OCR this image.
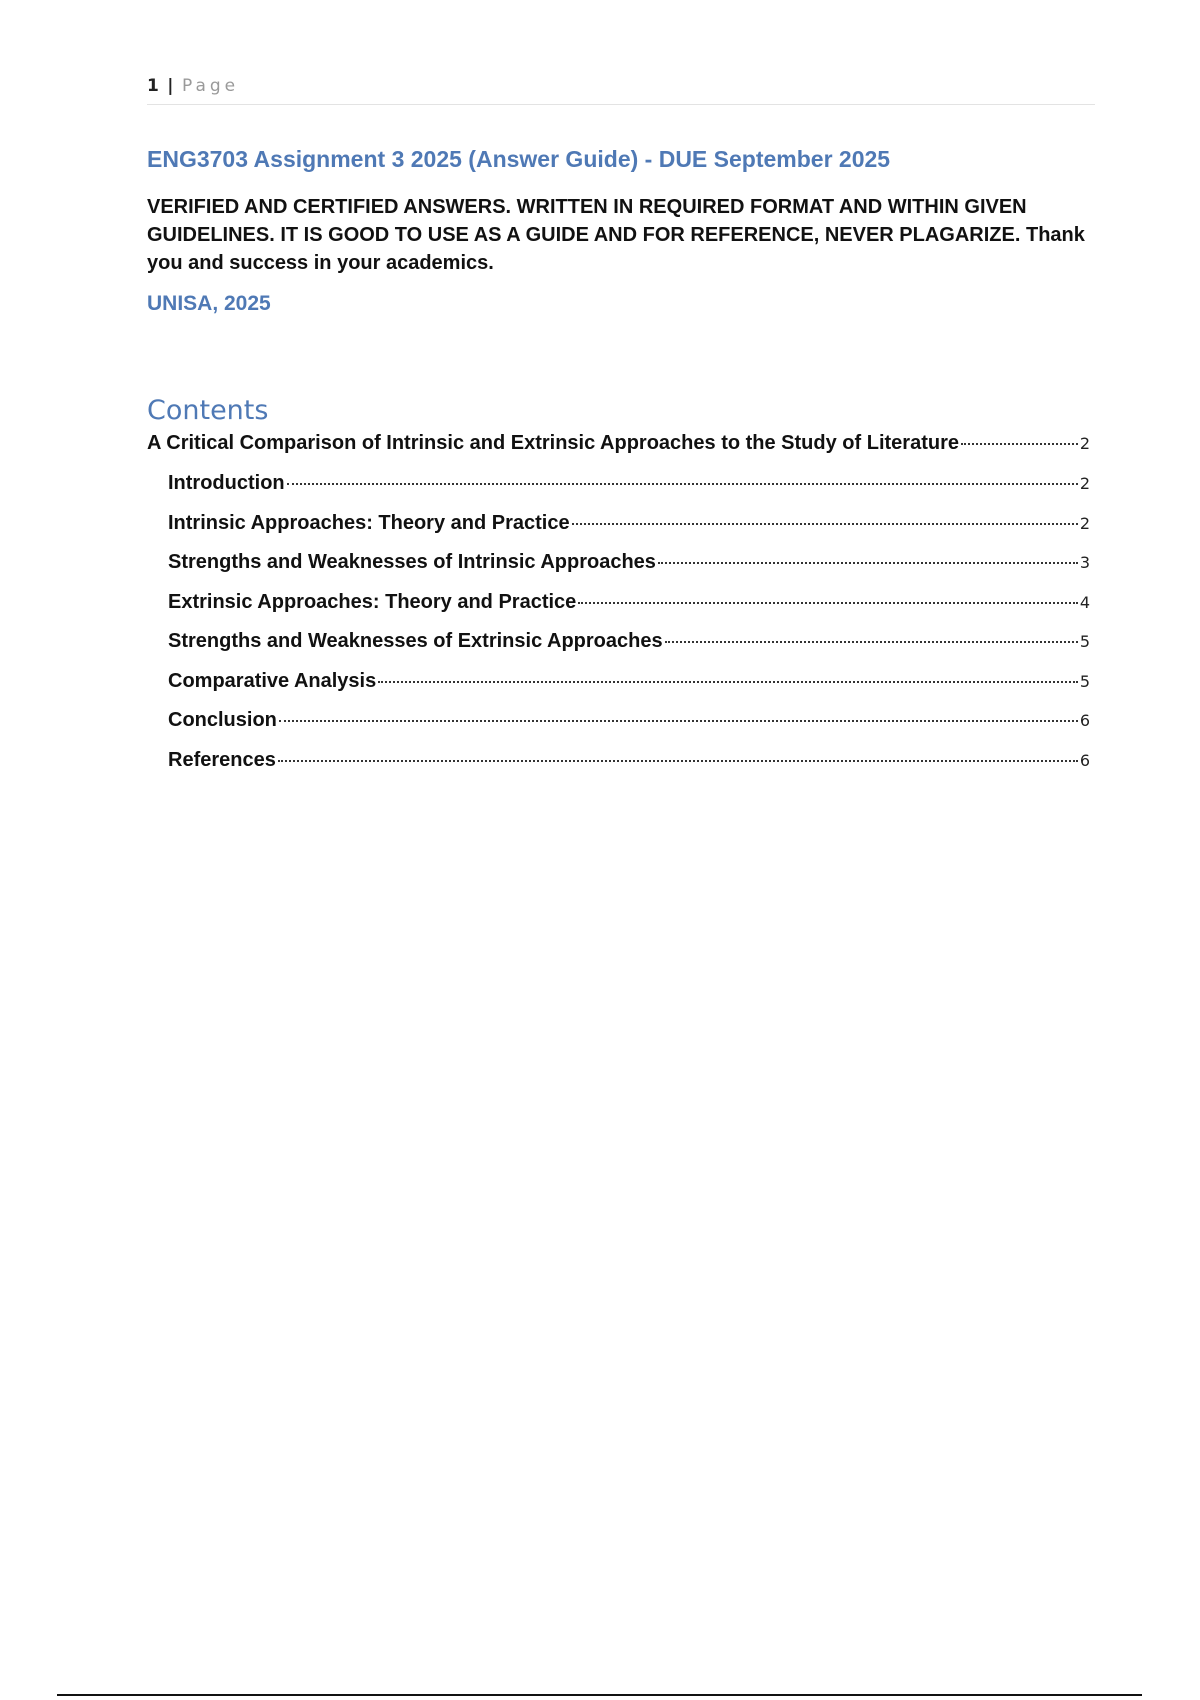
1 | Page
ENG3703 Assignment 3 2025 (Answer Guide) - DUE September 2025

VERIFIED AND CERTIFIED ANSWERS. WRITTEN IN REQUIRED FORMAT AND WITHIN GIVEN GUIDELINES. IT IS GOOD TO USE AS A GUIDE AND FOR REFERENCE, NEVER PLAGARIZE. Thank you and success in your academics.

UNISA, 2025

Contents
A Critical Comparison of Intrinsic and Extrinsic Approaches to the Study of Literature	2
Introduction	2
Intrinsic Approaches: Theory and Practice	2
Strengths and Weaknesses of Intrinsic Approaches	3
Extrinsic Approaches: Theory and Practice	4
Strengths and Weaknesses of Extrinsic Approaches	5
Comparative Analysis	5
Conclusion	6
References	6
